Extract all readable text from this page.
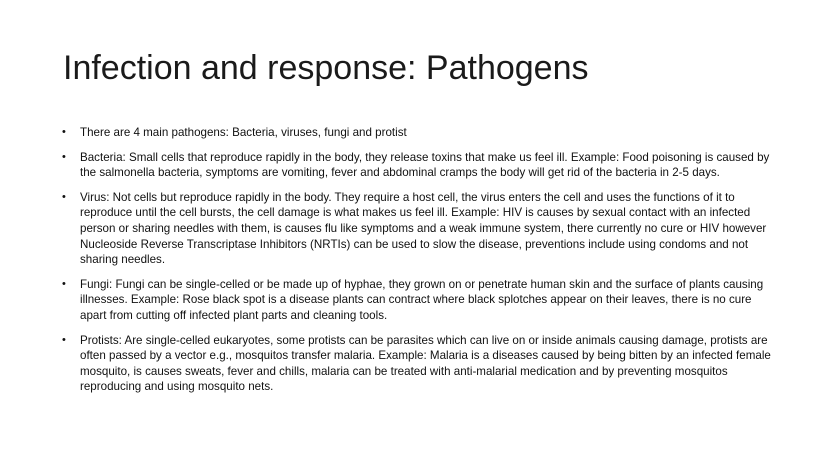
Infection and response: Pathogens
• There are 4 main pathogens: Bacteria, viruses, fungi and protist
• Bacteria: Small cells that reproduce rapidly in the body, they release toxins that make us feel ill. Example: Food poisoning is caused by the salmonella bacteria, symptoms are vomiting, fever and abdominal cramps the body will get rid of the bacteria in 2-5 days.
• Virus: Not cells but reproduce rapidly in the body. They require a host cell, the virus enters the cell and uses the functions of it to reproduce until the cell bursts, the cell damage is what makes us feel ill. Example: HIV is causes by sexual contact with an infected person or sharing needles with them, is causes flu like symptoms and a weak immune system, there currently no cure or HIV however Nucleoside Reverse Transcriptase Inhibitors (NRTIs) can be used to slow the disease, preventions include using condoms and not sharing needles.
• Fungi: Fungi can be single-celled or be made up of hyphae, they grown on or penetrate human skin and the surface of plants causing illnesses. Example: Rose black spot is a disease plants can contract where black splotches appear on their leaves, there is no cure apart from cutting off infected plant parts and cleaning tools.
• Protists: Are single-celled eukaryotes, some protists can be parasites which can live on or inside animals causing damage, protists are often passed by a vector e.g., mosquitos transfer malaria. Example: Malaria is a diseases caused by being bitten by an infected female mosquito, is causes sweats, fever and chills, malaria can be treated with anti-malarial medication and by preventing mosquitos reproducing and using mosquito nets.
